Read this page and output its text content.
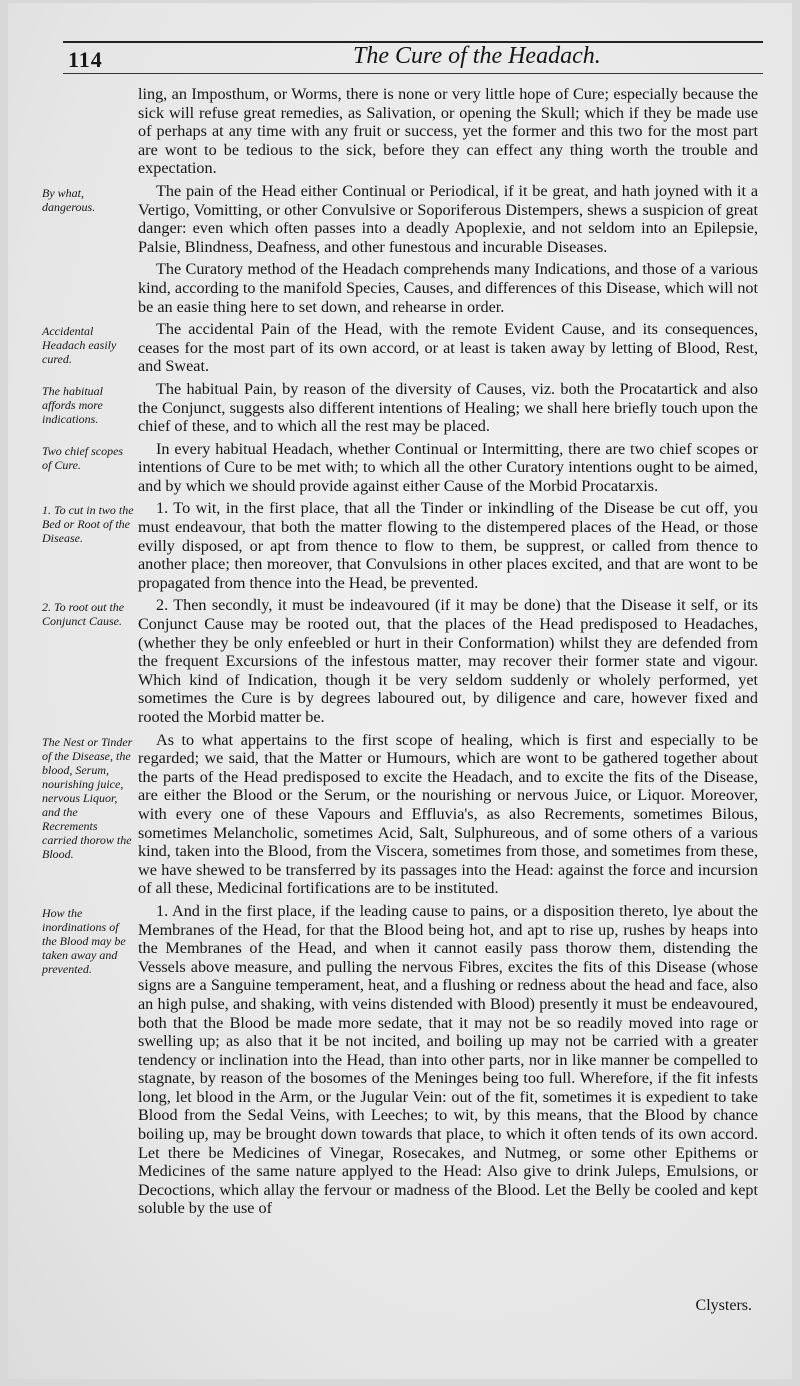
114	The Cure of the Headach.

ling, an Imposthum, or Worms, there is none or very little hope of Cure; especially because the sick will refuse great remedies, as Salivation, or opening the Skull; which if they be made use of perhaps at any time with any fruit or success, yet the former and this two for the most part are wont to be tedious to the sick, before they can effect any thing worth the trouble and expectation.

By what, dangerous.

The pain of the Head either Continual or Periodical, if it be great, and hath joyned with it a Vertigo, Vomitting, or other Convulsive or Soporiferous Distempers, shews a suspicion of great danger: even which often passes into a deadly Apoplexie, and not seldom into an Epilepsie, Palsie, Blindness, Deafness, and other funestous and incurable Diseases.

The Curatory method of the Headach comprehends many Indications, and those of a various kind, according to the manifold Species, Causes, and differences of this Disease, which will not be an easie thing here to set down, and rehearse in order.

Accidental Headach easily cured.

The accidental Pain of the Head, with the remote Evident Cause, and its consequences, ceases for the most part of its own accord, or at least is taken away by letting of Blood, Rest, and Sweat.

The habitual affords more indications.

The habitual Pain, by reason of the diversity of Causes, viz. both the Procatartick and also the Conjunct, suggests also different intentions of Healing; we shall here briefly touch upon the chief of these, and to which all the rest may be placed.

Two chief scopes of Cure.

In every habitual Headach, whether Continual or Intermitting, there are two chief scopes or intentions of Cure to be met with; to which all the other Curatory intentions ought to be aimed, and by which we should provide against either Cause of the Morbid Procatarxis.

1. To cut in two the Bed or Root of the Disease.

1. To wit, in the first place, that all the Tinder or inkindling of the Disease be cut off, you must endeavour, that both the matter flowing to the distempered places of the Head, or those evilly disposed, or apt from thence to flow to them, be supprest, or called from thence to another place; then moreover, that Convulsions in other places excited, and that are wont to be propagated from thence into the Head, be prevented.

2. To root out the Conjunct Cause.

2. Then secondly, it must be indeavoured (if it may be done) that the Disease it self, or its Conjunct Cause may be rooted out, that the places of the Head predisposed to Headaches, (whether they be only enfeebled or hurt in their Conformation) whilst they are defended from the frequent Excursions of the infestous matter, may recover their former state and vigour. Which kind of Indication, though it be very seldom suddenly or wholely performed, yet sometimes the Cure is by degrees laboured out, by diligence and care, however fixed and rooted the Morbid matter be.

The Nest or Tinder of the Disease, the blood, Serum, nourishing juice, nervous Liquor, and the Recrements carried thorow the Blood.

As to what appertains to the first scope of healing, which is first and especially to be regarded; we said, that the Matter or Humours, which are wont to be gathered together about the parts of the Head predisposed to excite the Headach, and to excite the fits of the Disease, are either the Blood or the Serum, or the nourishing or nervous Juice, or Liquor. Moreover, with every one of these Vapours and Effluvia's, as also Recrements, sometimes Bilous, sometimes Melancholic, sometimes Acid, Salt, Sulphureous, and of some others of a various kind, taken into the Blood, from the Viscera, sometimes from those, and sometimes from these, we have shewed to be transferred by its passages into the Head: against the force and incursion of all these, Medicinal fortifications are to be instituted.

How the inordinations of the Blood may be taken away and prevented.

1. And in the first place, if the leading cause to pains, or a disposition thereto, lye about the Membranes of the Head, for that the Blood being hot, and apt to rise up, rushes by heaps into the Membranes of the Head, and when it cannot easily pass thorow them, distending the Vessels above measure, and pulling the nervous Fibres, excites the fits of this Disease (whose signs are a Sanguine temperament, heat, and a flushing or redness about the head and face, also an high pulse, and shaking, with veins distended with Blood) presently it must be endeavoured, both that the Blood be made more sedate, that it may not be so readily moved into rage or swelling up; as also that it be not incited, and boiling up may not be carried with a greater tendency or inclination into the Head, than into other parts, nor in like manner be compelled to stagnate, by reason of the bosomes of the Meninges being too full. Wherefore, if the fit infests long, let blood in the Arm, or the Jugular Vein: out of the fit, sometimes it is expedient to take Blood from the Sedal Veins, with Leeches; to wit, by this means, that the Blood by chance boiling up, may be brought down towards that place, to which it often tends of its own accord. Let there be Medicines of Vinegar, Rosecakes, and Nutmeg, or some other Epithems or Medicines of the same nature applyed to the Head: Also give to drink Juleps, Emulsions, or Decoctions, which allay the fervour or madness of the Blood. Let the Belly be cooled and kept soluble by the use of

Clysters.
